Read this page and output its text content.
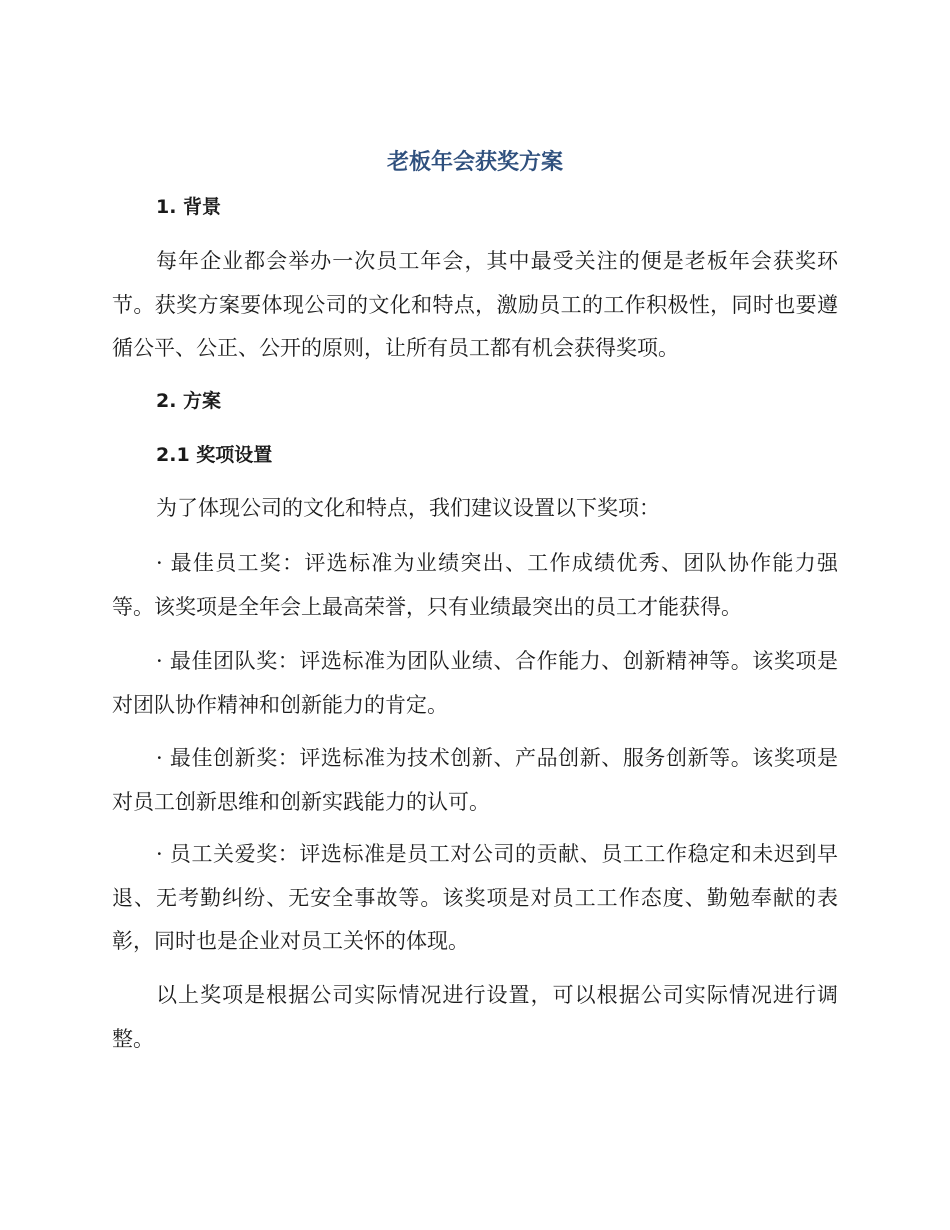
老板年会获奖方案
1. 背景

每年企业都会举办一次员工年会，其中最受关注的便是老板年会获奖环节。获奖方案要体现公司的文化和特点，激励员工的工作积极性，同时也要遵循公平、公正、公开的原则，让所有员工都有机会获得奖项。

2. 方案
2.1 奖项设置

为了体现公司的文化和特点，我们建议设置以下奖项：

· 最佳员工奖：评选标准为业绩突出、工作成绩优秀、团队协作能力强等。该奖项是全年会上最高荣誉，只有业绩最突出的员工才能获得。

· 最佳团队奖：评选标准为团队业绩、合作能力、创新精神等。该奖项是对团队协作精神和创新能力的肯定。

· 最佳创新奖：评选标准为技术创新、产品创新、服务创新等。该奖项是对员工创新思维和创新实践能力的认可。

· 员工关爱奖：评选标准是员工对公司的贡献、员工工作稳定和未迟到早退、无考勤纠纷、无安全事故等。该奖项是对员工工作态度、勤勉奉献的表彰，同时也是企业对员工关怀的体现。

以上奖项是根据公司实际情况进行设置，可以根据公司实际情况进行调整。
